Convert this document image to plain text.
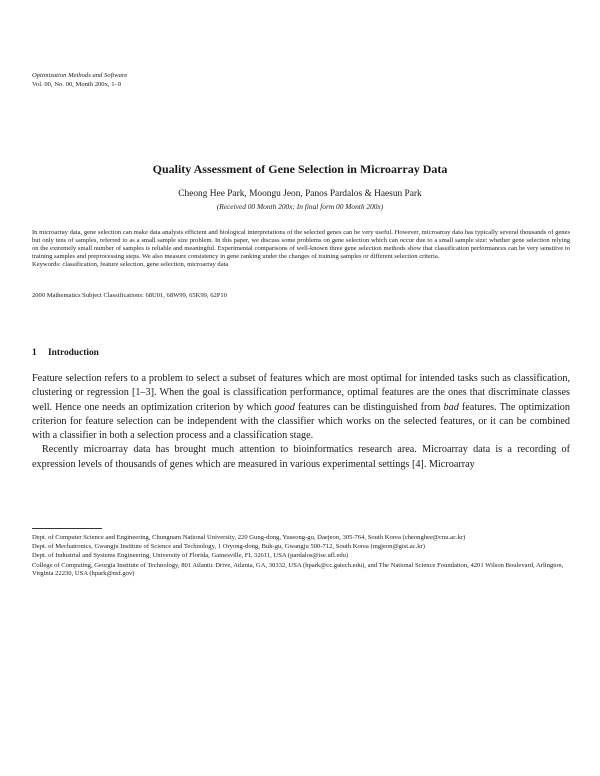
Optimization Methods and Software
Vol. 00, No. 00, Month 200x, 1–9
Quality Assessment of Gene Selection in Microarray Data
Cheong Hee Park, Moongu Jeon, Panos Pardalos & Haesun Park
(Received 00 Month 200x; In final form 00 Month 200x)

In microarray data, gene selection can make data analysis efficient and biological interpretations of the selected genes can be very useful. However, microarray data has typically several thousands of genes but only tens of samples, referred to as a small sample size problem. In this paper, we discuss some problems on gene selection which can occur due to a small sample size: whether gene selection relying on the extremely small number of samples is reliable and meaningful. Experimental comparisons of well-known three gene selection methods show that classification performances can be very sensitive to training samples and preprocessing steps. We also measure consistency in gene ranking under the changes of training samples or different selection criteria.

Keywords: classification, feature selection, gene selection, microarray data

2000 Mathematics Subject Classifications: 68U01, 68W99, 65K99, 62P10
1 Introduction

Feature selection refers to a problem to select a subset of features which are most optimal for intended tasks such as classification, clustering or regression [1–3]. When the goal is classification performance, optimal features are the ones that discriminate classes well. Hence one needs an optimization criterion by which good features can be distinguished from bad features. The optimization criterion for feature selection can be independent with the classifier which works on the selected features, or it can be combined with a classifier in both a selection process and a classification stage.

Recently microarray data has brought much attention to bioinformatics research area. Microarray data is a recording of expression levels of thousands of genes which are measured in various experimental settings [4]. Microarray

Dept. of Computer Science and Engineering, Chungnam National University, 220 Gung-dong, Yuseong-gu, Daejeon, 305-764, South Korea (cheonghee@cnu.ac.kr)

Dept. of Mechatronics, Gwangju Institute of Science and Technology, 1 Oryong-dong, Buk-gu, Gwangju 500-712, South Korea (mgjeon@gist.ac.kr)

Dept. of Industrial and Systems Engineering, University of Florida, Gainesville, FL 32611, USA (pardalos@ise.ufl.edu)

College of Computing, Georgia Institute of Technology, 801 Atlantic Drive, Atlanta, GA, 30332, USA (hpark@cc.gatech.edu), and The National Science Foundation, 4201 Wilson Boulevard, Arlington, Virginia 22230, USA (hpark@nsf.gov)
